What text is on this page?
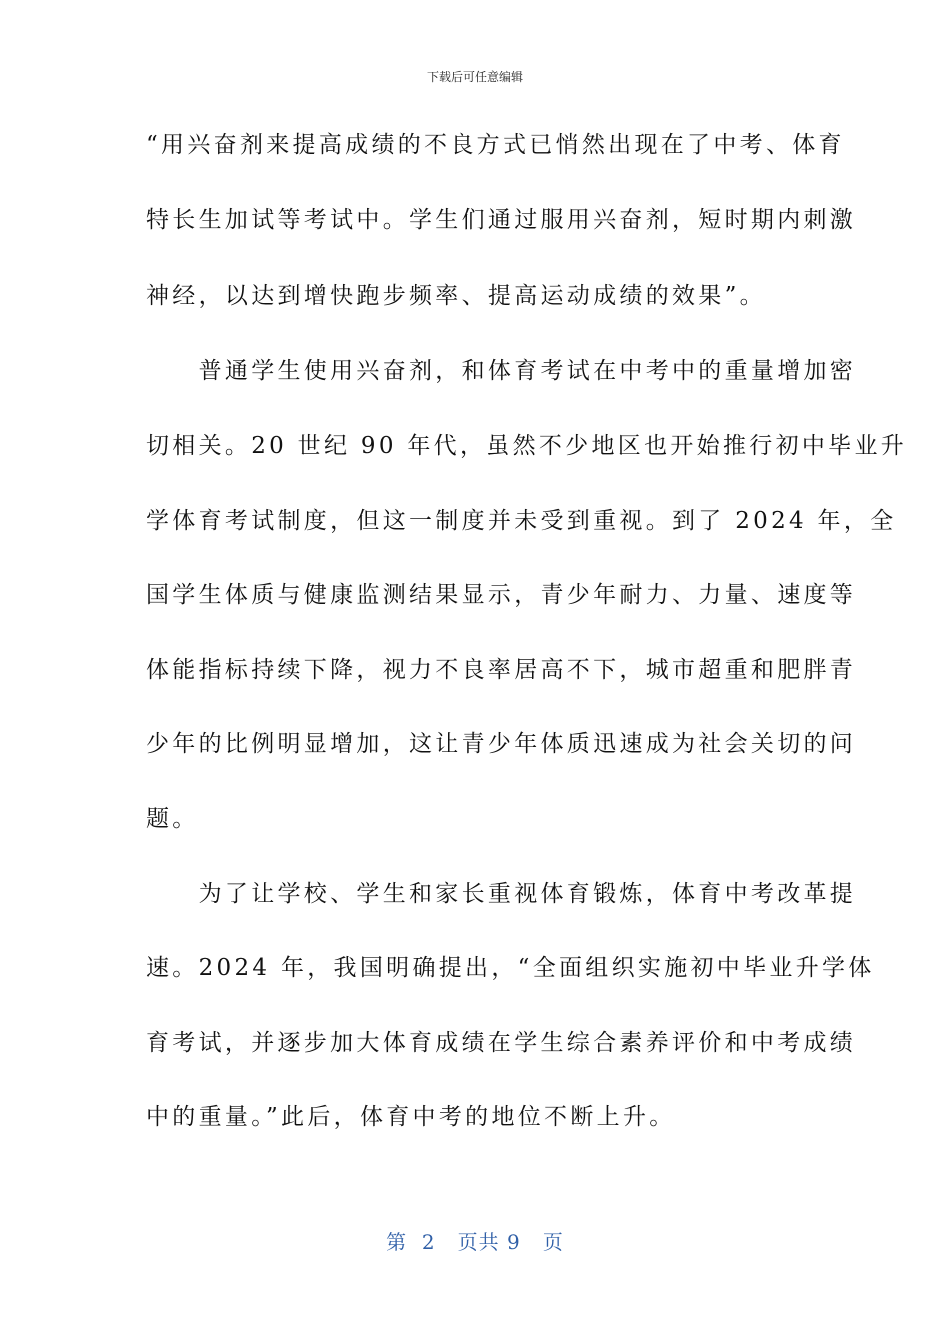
下载后可任意编辑
“用兴奋剂来提高成绩的不良方式已悄然出现在了中考、体育
特长生加试等考试中。学生们通过服用兴奋剂，短时期内刺激
神经，以达到增快跑步频率、提高运动成绩的效果”。
　　普通学生使用兴奋剂，和体育考试在中考中的重量增加密
切相关。20 世纪 90 年代，虽然不少地区也开始推行初中毕业升
学体育考试制度，但这一制度并未受到重视。到了 2024 年，全
国学生体质与健康监测结果显示，青少年耐力、力量、速度等
体能指标持续下降，视力不良率居高不下，城市超重和肥胖青
少年的比例明显增加，这让青少年体质迅速成为社会关切的问
题。
　　为了让学校、学生和家长重视体育锻炼，体育中考改革提
速。2024 年，我国明确提出，“全面组织实施初中毕业升学体
育考试，并逐步加大体育成绩在学生综合素养评价和中考成绩
中的重量。”此后，体育中考的地位不断上升。
第  2   页共 9   页
